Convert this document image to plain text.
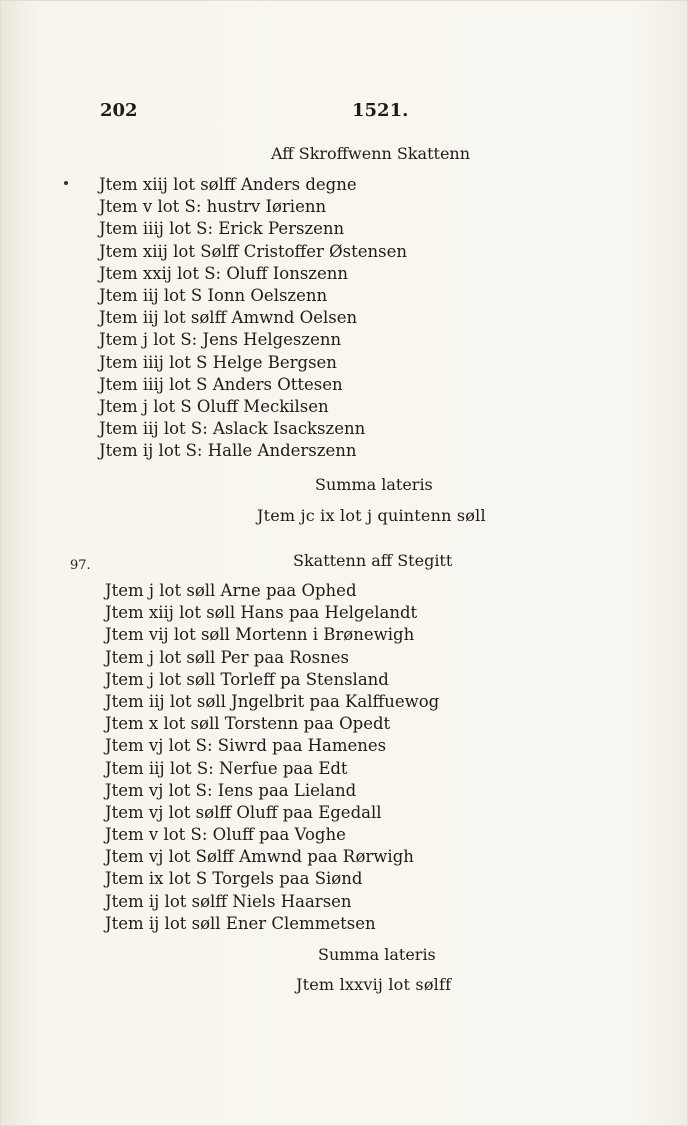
202	1521.
Aff Skroffwenn Skattenn
Jtem xiij lot sølff Anders degne
Jtem v lot S: hustrv Iørienn
Jtem iiij lot S: Erick Perszenn
Jtem xiij lot Sølff Cristoffer Østensen
Jtem xxij lot S: Oluff Ionszenn
Jtem iij lot S Ionn Oelszenn
Jtem iij lot sølff Amwnd Oelsen
Jtem j lot S: Jens Helgeszenn
Jtem iiij lot S Helge Bergsen
Jtem iiij lot S Anders Ottesen
Jtem j lot S Oluff Meckilsen
Jtem iij lot S: Aslack Isackszenn
Jtem ij lot S: Halle Anderszenn
Summa lateris
Jtem jc ix lot j quintenn søll
97.	Skattenn aff Stegitt
Jtem j lot søll Arne paa Ophed
Jtem xiij lot søll Hans paa Helgelandt
Jtem vij lot søll Mortenn i Brønewigh
Jtem j lot søll Per paa Rosnes
Jtem j lot søll Torleff pa Stensland
Jtem iij lot søll Jngelbrit paa Kalffuewog
Jtem x lot søll Torstenn paa Opedt
Jtem vj lot S: Siwrd paa Hamenes
Jtem iij lot S: Nerfue paa Edt
Jtem vj lot S: Iens paa Lieland
Jtem vj lot sølff Oluff paa Egedall
Jtem v lot S: Oluff paa Voghe
Jtem vj lot Sølff Amwnd paa Rørwigh
Jtem ix lot S Torgels paa Siønd
Jtem ij lot sølff Niels Haarsen
Jtem ij lot søll Ener Clemmetsen
Summa lateris
Jtem lxxvij lot sølff
